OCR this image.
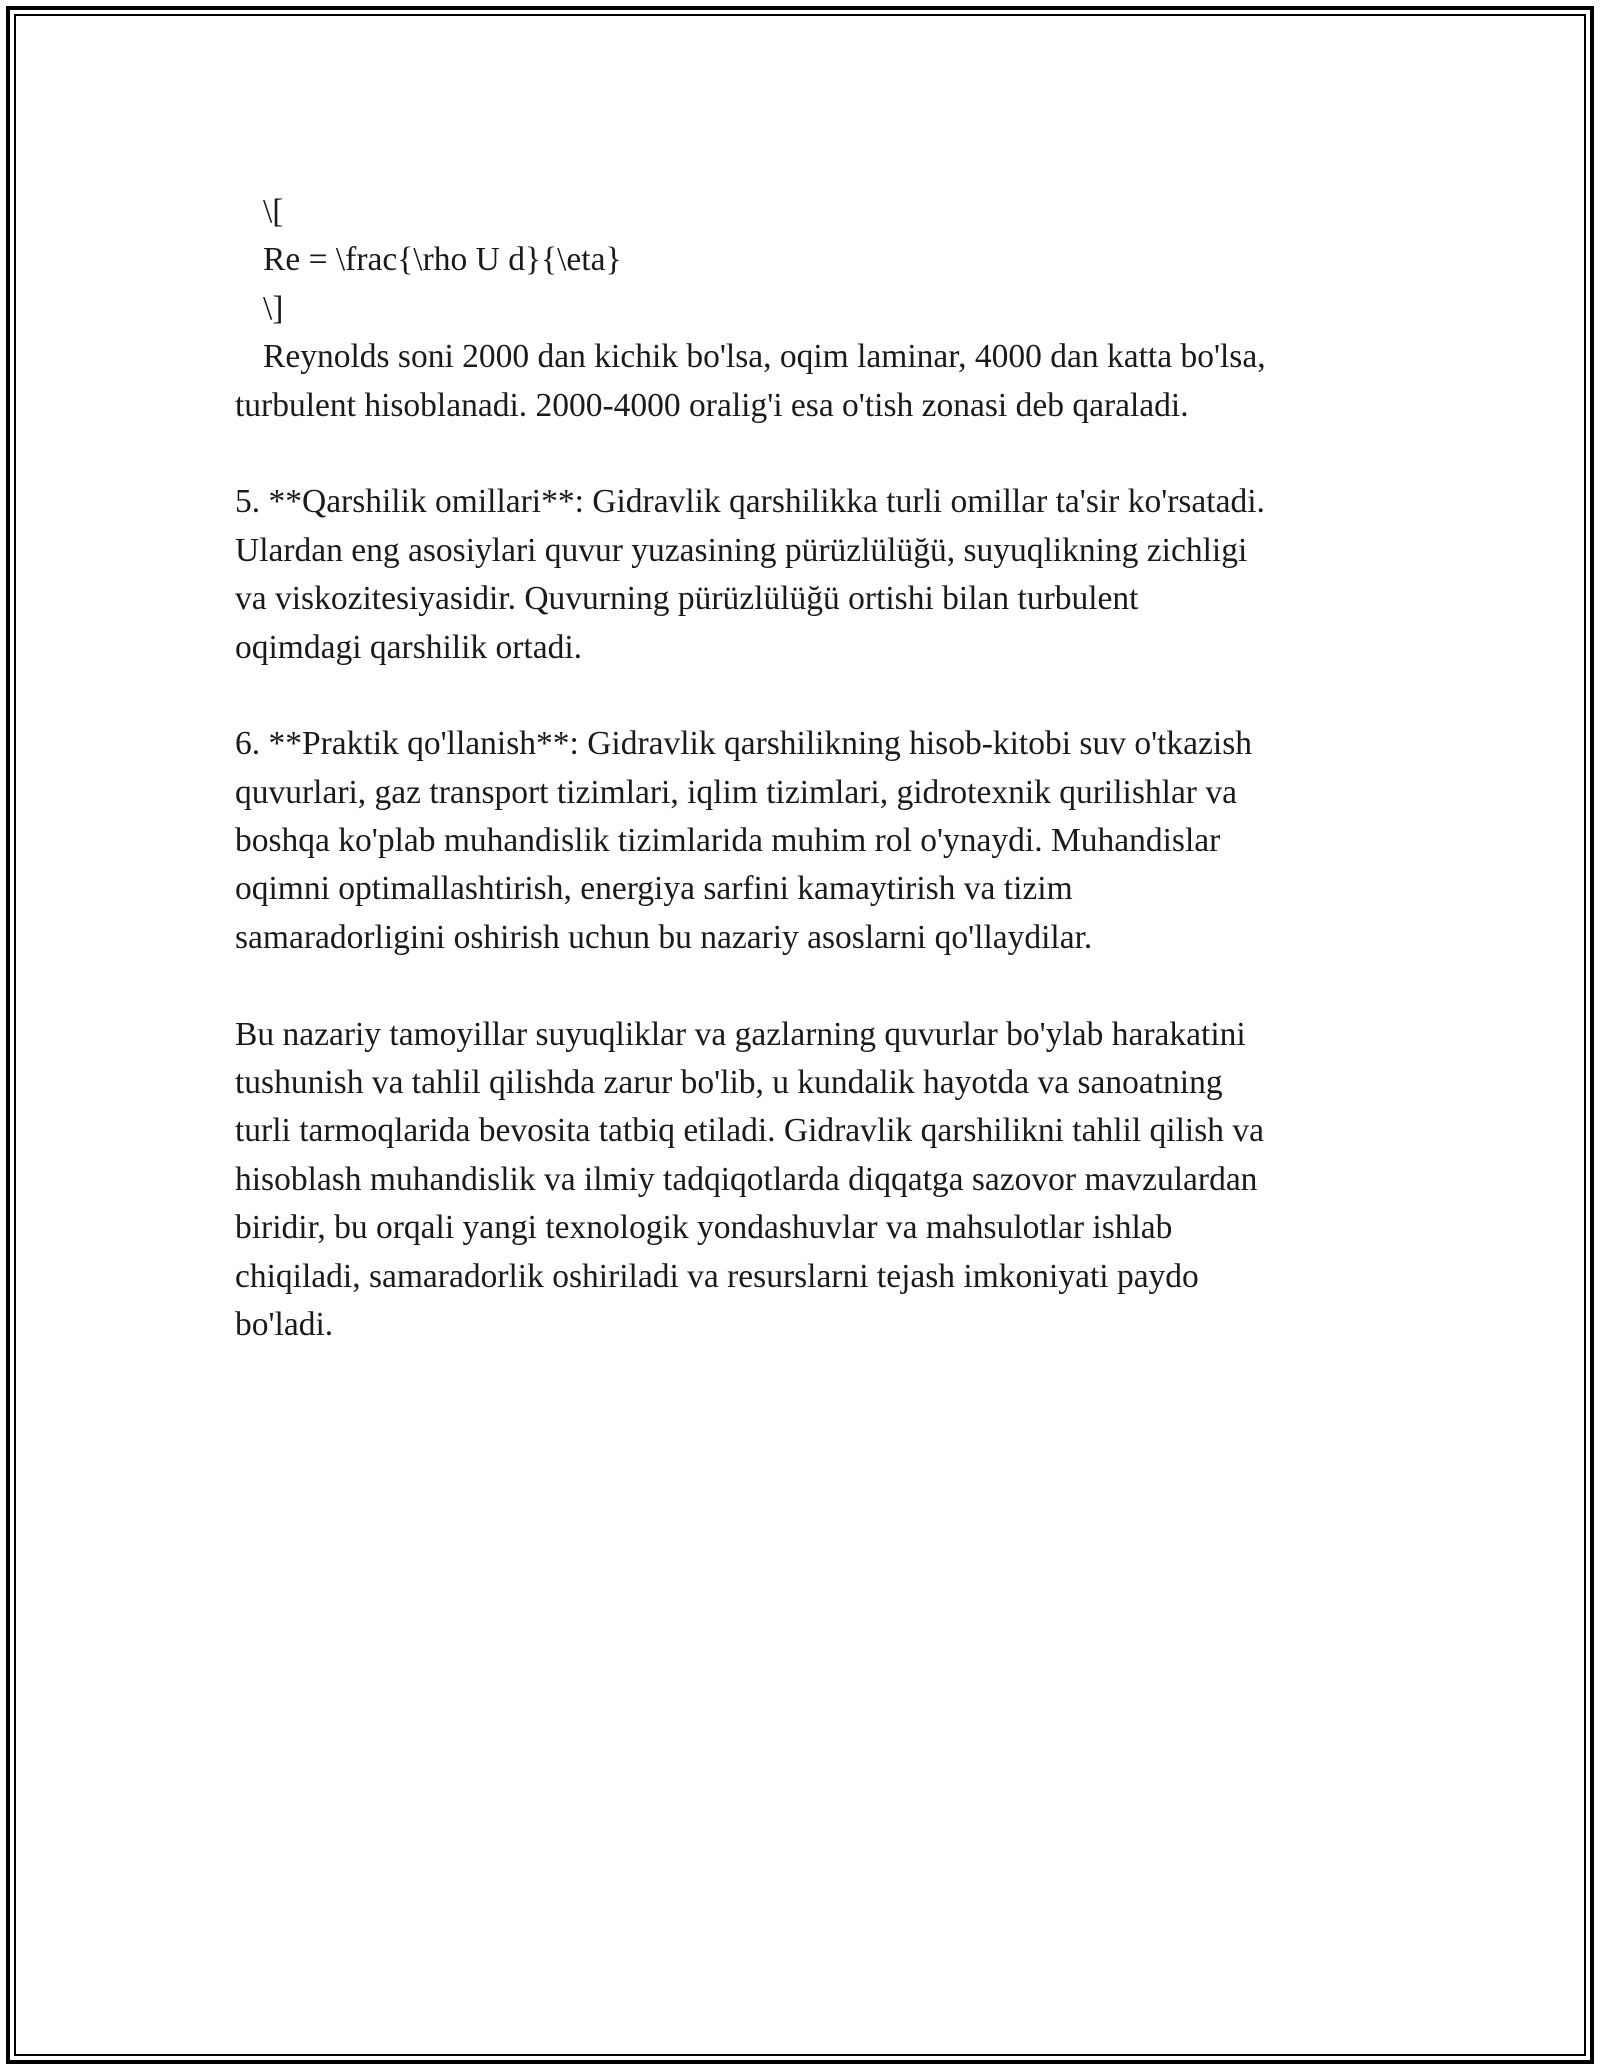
\[
Re = \frac{\rho U d}{\eta}
\]
Reynolds soni 2000 dan kichik bo'lsa, oqim laminar, 4000 dan katta bo'lsa,
turbulent hisoblanadi. 2000-4000 oralig'i esa o'tish zonasi deb qaraladi.
5. **Qarshilik omillari**: Gidravlik qarshilikka turli omillar ta'sir ko'rsatadi.
Ulardan eng asosiylari quvur yuzasining pürüzlülüğü, suyuqlikning zichligi
va viskozitesiyasidir. Quvurning pürüzlülüğü ortishi bilan turbulent
oqimdagi qarshilik ortadi.
6. **Praktik qo'llanish**: Gidravlik qarshilikning hisob-kitobi suv o'tkazish
quvurlari, gaz transport tizimlari, iqlim tizimlari, gidrotexnik qurilishlar va
boshqa ko'plab muhandislik tizimlarida muhim rol o'ynaydi. Muhandislar
oqimni optimallashtirish, energiya sarfini kamaytirish va tizim
samaradorligini oshirish uchun bu nazariy asoslarni qo'llaydilar.
Bu nazariy tamoyillar suyuqliklar va gazlarning quvurlar bo'ylab harakatini
tushunish va tahlil qilishda zarur bo'lib, u kundalik hayotda va sanoatning
turli tarmoqlarida bevosita tatbiq etiladi. Gidravlik qarshilikni tahlil qilish va
hisoblash muhandislik va ilmiy tadqiqotlarda diqqatga sazovor mavzulardan
biridir, bu orqali yangi texnologik yondashuvlar va mahsulotlar ishlab
chiqiladi, samaradorlik oshiriladi va resurslarni tejash imkoniyati paydo
bo'ladi.
